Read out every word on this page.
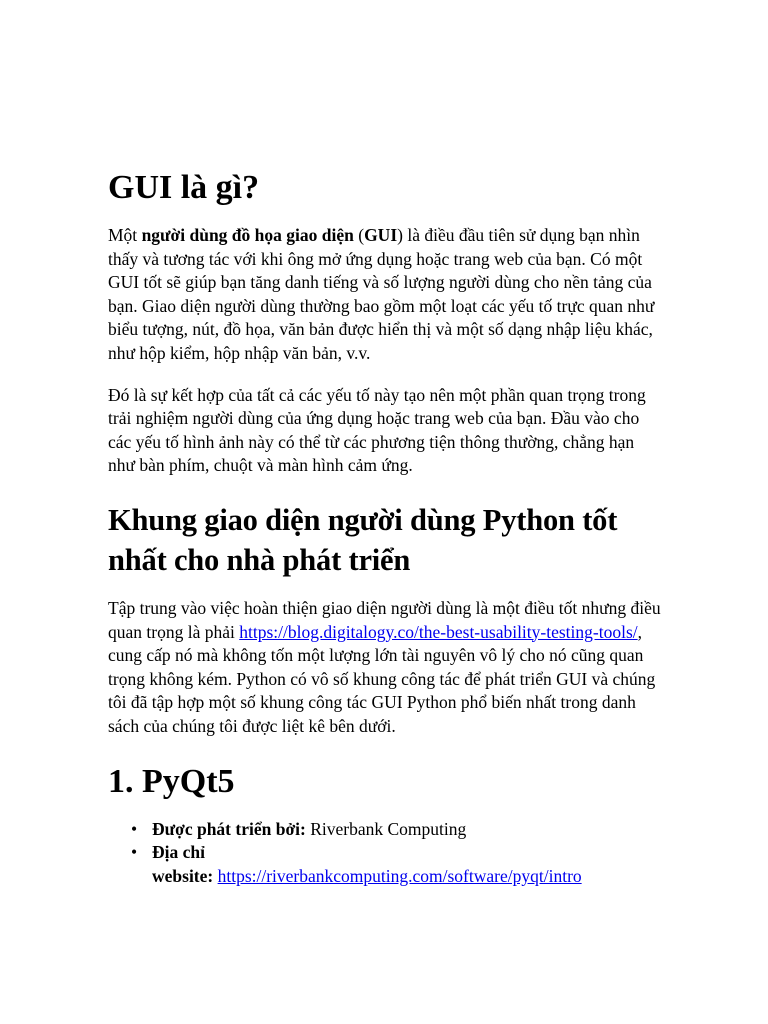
GUI là gì?

Một người dùng đồ họa giao diện (GUI) là điều đầu tiên sử dụng bạn nhìn thấy và tương tác với khi ông mở ứng dụng hoặc trang web của bạn. Có một GUI tốt sẽ giúp bạn tăng danh tiếng và số lượng người dùng cho nền tảng của bạn. Giao diện người dùng thường bao gồm một loạt các yếu tố trực quan như biểu tượng, nút, đồ họa, văn bản được hiển thị và một số dạng nhập liệu khác, như hộp kiểm, hộp nhập văn bản, v.v.

Đó là sự kết hợp của tất cả các yếu tố này tạo nên một phần quan trọng trong trải nghiệm người dùng của ứng dụng hoặc trang web của bạn. Đầu vào cho các yếu tố hình ảnh này có thể từ các phương tiện thông thường, chẳng hạn như bàn phím, chuột và màn hình cảm ứng.

Khung giao diện người dùng Python tốt nhất cho nhà phát triển

Tập trung vào việc hoàn thiện giao diện người dùng là một điều tốt nhưng điều quan trọng là phải https://blog.digitalogy.co/the-best-usability-testing-tools/, cung cấp nó mà không tốn một lượng lớn tài nguyên vô lý cho nó cũng quan trọng không kém. Python có vô số khung công tác để phát triển GUI và chúng tôi đã tập hợp một số khung công tác GUI Python phổ biến nhất trong danh sách của chúng tôi được liệt kê bên dưới.

1. PyQt5
• Được phát triển bởi: Riverbank Computing
• Địa chỉ
website: https://riverbankcomputing.com/software/pyqt/intro
